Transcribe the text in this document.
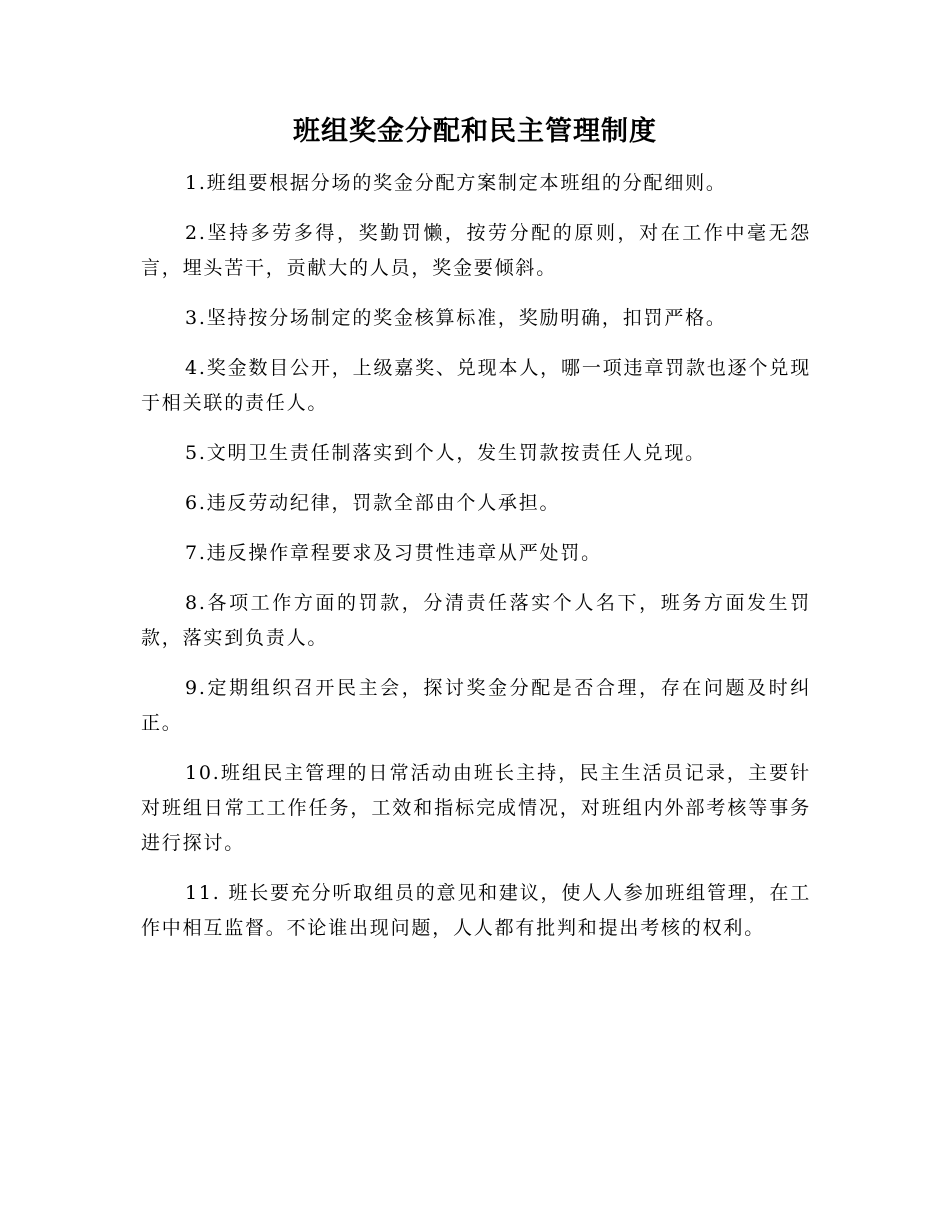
班组奖金分配和民主管理制度

1.班组要根据分场的奖金分配方案制定本班组的分配细则。

2.坚持多劳多得，奖勤罚懒，按劳分配的原则，对在工作中毫无怨言，埋头苦干，贡献大的人员，奖金要倾斜。

3.坚持按分场制定的奖金核算标准，奖励明确，扣罚严格。

4.奖金数目公开，上级嘉奖、兑现本人，哪一项违章罚款也逐个兑现于相关联的责任人。

5.文明卫生责任制落实到个人，发生罚款按责任人兑现。

6.违反劳动纪律，罚款全部由个人承担。

7.违反操作章程要求及习贯性违章从严处罚。

8.各项工作方面的罚款，分清责任落实个人名下，班务方面发生罚款，落实到负责人。

9.定期组织召开民主会，探讨奖金分配是否合理，存在问题及时纠正。

10.班组民主管理的日常活动由班长主持，民主生活员记录，主要针对班组日常工工作任务，工效和指标完成情况，对班组内外部考核等事务进行探讨。

11. 班长要充分听取组员的意见和建议，使人人参加班组管理，在工作中相互监督。不论谁出现问题，人人都有批判和提出考核的权利。
